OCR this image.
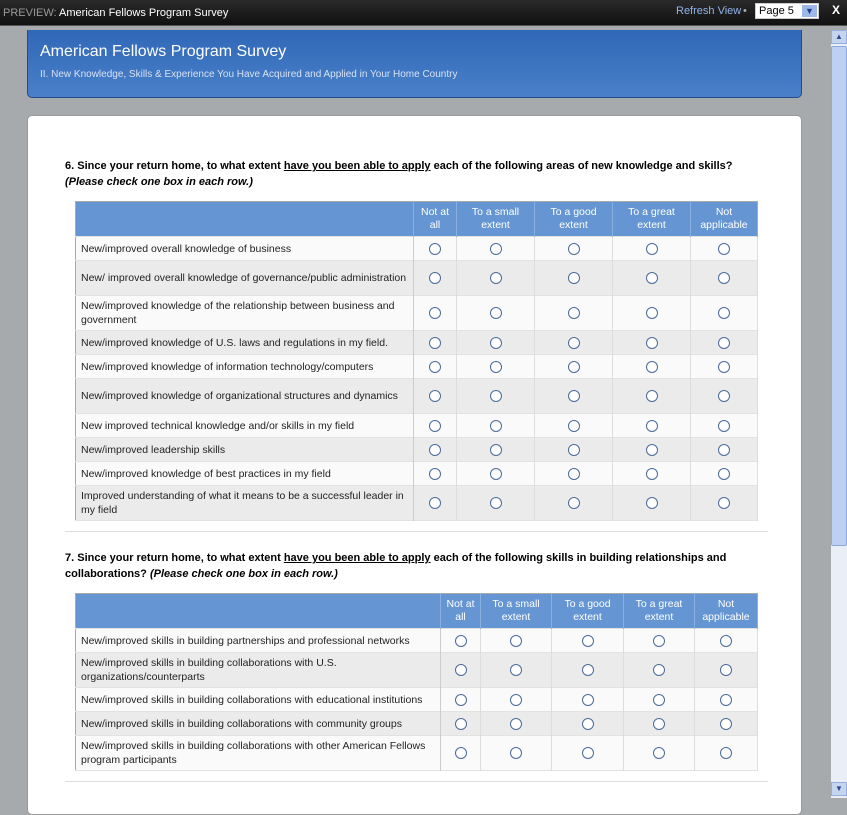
PREVIEW: American Fellows Program Survey	Refresh View •	Page 5	▼ X
American Fellows Program Survey
II. New Knowledge, Skills & Experience You Have Acquired and Applied in Your Home Country
6. Since your return home, to what extent have you been able to apply each of the following areas of new knowledge and skills? (Please check one box in each row.)
	Not at all	To a small extent	To a good extent	To a great extent	Not applicable
New/improved overall knowledge of business					
New/ improved overall knowledge of governance/public administration					
New/improved knowledge of the relationship between business and government					
New/improved knowledge of U.S. laws and regulations in my field.					
New/improved knowledge of information technology/computers					
New/improved knowledge of organizational structures and dynamics					
New improved technical knowledge and/or skills in my field					
New/improved leadership skills					
New/improved knowledge of best practices in my field					
Improved understanding of what it means to be a successful leader in my field					
7. Since your return home, to what extent have you been able to apply each of the following skills in building relationships and collaborations? (Please check one box in each row.)
	Not at all	To a small extent	To a good extent	To a great extent	Not applicable
New/improved skills in building partnerships and professional networks					
New/improved skills in building collaborations with U.S. organizations/counterparts					
New/improved skills in building collaborations with educational institutions					
New/improved skills in building collaborations with community groups					
New/improved skills in building collaborations with other American Fellows program participants					
▲
▼
